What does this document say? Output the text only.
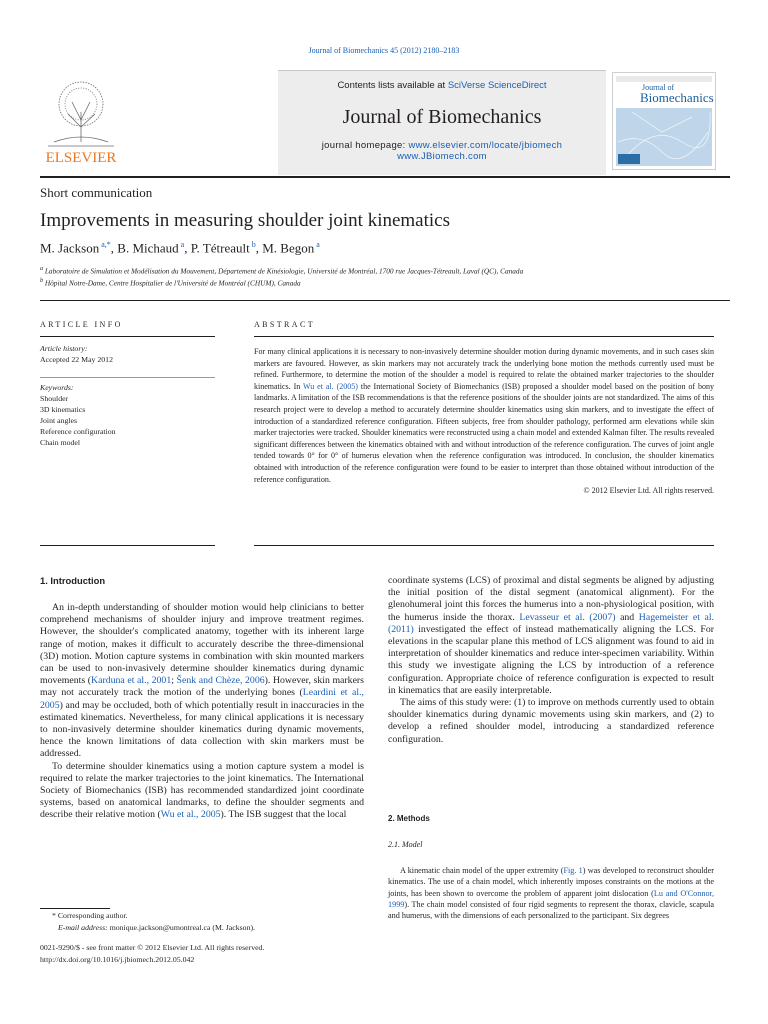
Journal of Biomechanics 45 (2012) 2180–2183
ELSEVIER
Contents lists available at SciVerse ScienceDirect
Journal of Biomechanics
journal homepage: www.elsevier.com/locate/jbiomech
www.JBiomech.com
Journal of
Biomechanics
Short communication
Improvements in measuring shoulder joint kinematics
M. Jackson $^{a,*}$, B. Michaud $^a$, P. Tétreault $^b$, M. Begon $^a$
$^a$ Laboratoire de Simulation et Modélisation du Mouvement, Département de Kinésiologie, Université de Montréal, 1700 rue Jacques-Tétreault, Laval (QC), Canada
$^b$ Hôpital Notre-Dame, Centre Hospitalier de l'Université de Montréal (CHUM), Canada
ARTICLE INFO
Article history:
Accepted 22 May 2012
Keywords:
Shoulder
3D kinematics
Joint angles
Reference configuration
Chain model
ABSTRACT
For many clinical applications it is necessary to non-invasively determine shoulder motion during dynamic movements, and in such cases skin markers are favoured. However, as skin markers may not accurately track the underlying bone motion the methods currently used must be refined. Furthermore, to determine the motion of the shoulder a model is required to relate the obtained marker trajectories to the shoulder kinematics. In Wu et al. (2005) the International Society of Biomechanics (ISB) proposed a shoulder model based on the position of bony landmarks. A limitation of the ISB recommendations is that the reference positions of the shoulder joints are not standardized. The aims of this research project were to develop a method to accurately determine shoulder kinematics using skin markers, and to investigate the effect of introduction of a standardized reference configuration. Fifteen subjects, free from shoulder pathology, performed arm elevations while skin marker trajectories were tracked. Shoulder kinematics were reconstructed using a chain model and extended Kalman filter. The results revealed significant differences between the kinematics obtained with and without introduction of the reference configuration. The curves of joint angle tended towards 0° for 0° of humerus elevation when the reference configuration was introduced. In conclusion, the shoulder kinematics obtained with introduction of the reference configuration were found to be easier to interpret than those obtained without introduction of the reference configuration.
© 2012 Elsevier Ltd. All rights reserved.
1. Introduction

An in-depth understanding of shoulder motion would help clinicians to better comprehend mechanisms of shoulder injury and improve treatment regimes. However, the shoulder's complicated anatomy, together with its inherent large range of motion, makes it difficult to accurately describe the three-dimensional (3D) motion. Motion capture systems in combination with skin mounted markers can be used to non-invasively determine shoulder kinematics during dynamic movements (Karduna et al., 2001; Šenk and Chèze, 2006). However, skin markers may not accurately track the motion of the underlying bones (Leardini et al., 2005) and may be occluded, both of which potentially result in inaccuracies in the estimated kinematics. Nevertheless, for many clinical applications it is necessary to non-invasively determine shoulder kinematics during dynamic movements, hence the known limitations of data collection with skin markers must be addressed.

To determine shoulder kinematics using a motion capture system a model is required to relate the marker trajectories to the joint kinematics. The International Society of Biomechanics (ISB) has recommended standardized joint coordinate systems, based on anatomical landmarks, to define the shoulder segments and describe their relative motion (Wu et al., 2005). The ISB suggest that the local

coordinate systems (LCS) of proximal and distal segments be aligned by adjusting the initial position of the distal segment (anatomical alignment). For the glenohumeral joint this forces the humerus into a non-physiological position, with the humerus inside the thorax. Levasseur et al. (2007) and Hagemeister et al. (2011) investigated the effect of instead mathematically aligning the LCS. For elevations in the scapular plane this method of LCS alignment was found to aid in interpretation of shoulder kinematics and reduce inter-specimen variability. Within this study we investigate aligning the LCS by introduction of a reference configuration. Appropriate choice of reference configuration is expected to result in kinematics that are easily interpretable.

The aims of this study were: (1) to improve on methods currently used to obtain shoulder kinematics during dynamic movements using skin markers, and (2) to develop a refined shoulder model, introducing a standardized reference configuration.

2. Methods
2.1. Model

A kinematic chain model of the upper extremity (Fig. 1) was developed to reconstruct shoulder kinematics. The use of a chain model, which inherently imposes constraints on the motions at the joints, has been shown to overcome the problem of apparent joint dislocation (Lu and O'Connor, 1999). The chain model consisted of four rigid segments to represent the thorax, clavicle, scapula and humerus, with the dimensions of each personalized to the participant. Six degrees

* Corresponding author.
E-mail address: monique.jackson@umontreal.ca (M. Jackson).
0021-9290/$ - see front matter © 2012 Elsevier Ltd. All rights reserved.
http://dx.doi.org/10.1016/j.jbiomech.2012.05.042
